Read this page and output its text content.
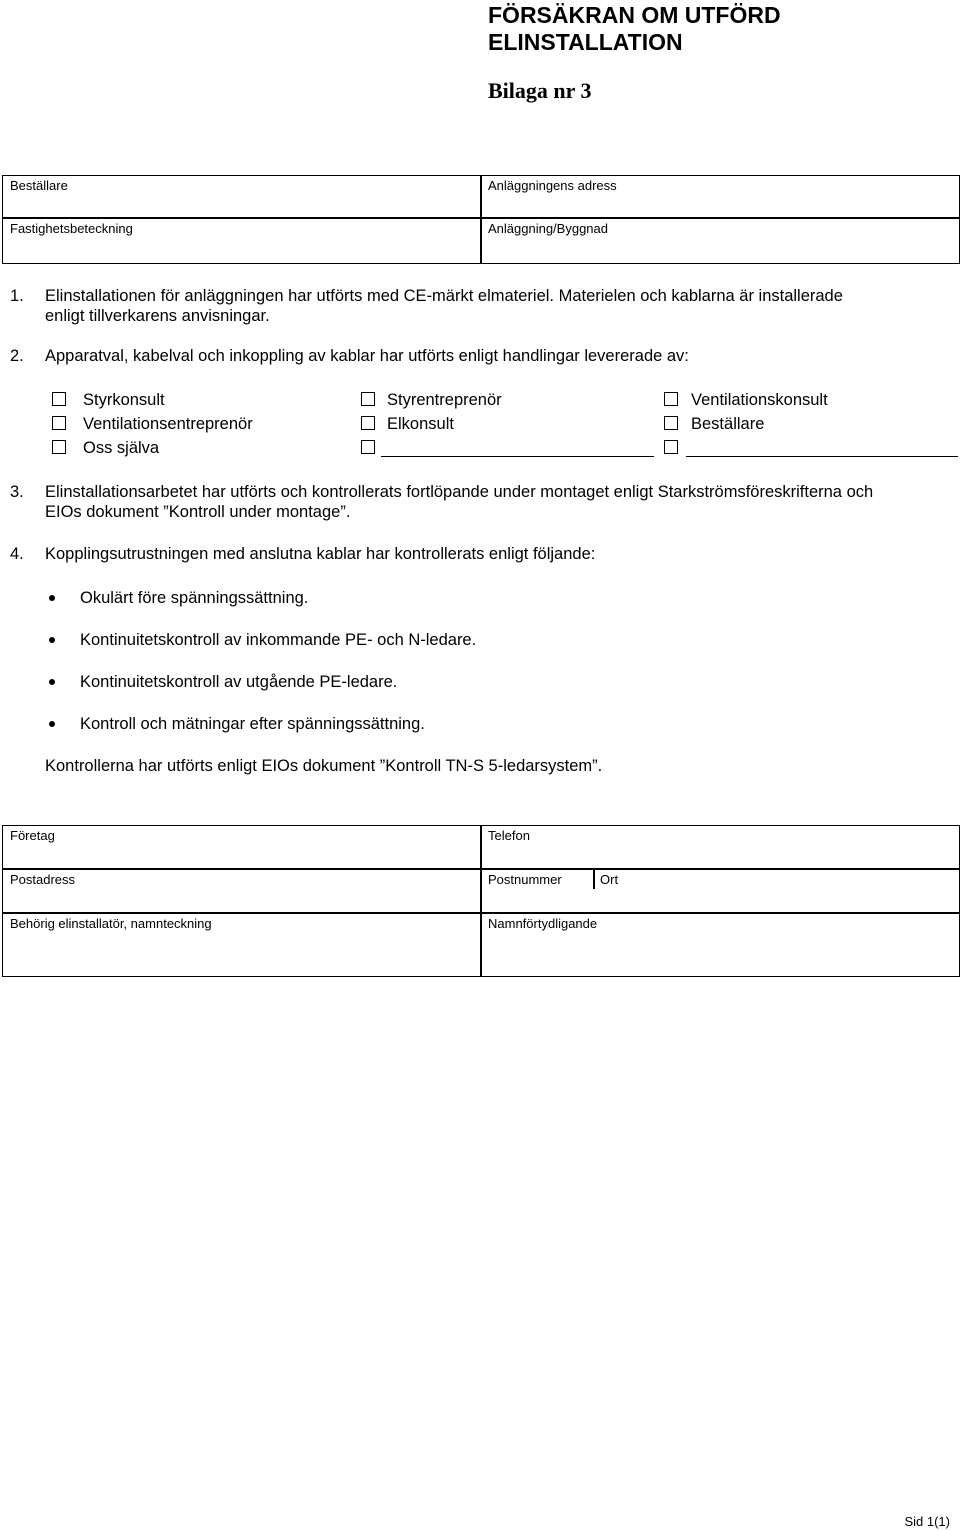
FÖRSÄKRAN OM UTFÖRD
ELINSTALLATION
Bilaga nr 3
Beställare	Anläggningens adress
Fastighetsbeteckning	Anläggning/Byggnad
1. Elinstallationen för anläggningen har utförts med CE-märkt elmateriel. Materielen och kablarna är installerade
enligt tillverkarens anvisningar.
2. Apparatval, kabelval och inkoppling av kablar har utförts enligt handlingar levererade av:
Styrkonsult	Styrentreprenör	Ventilationskonsult
Ventilationsentreprenör	Elkonsult	Beställare
Oss själva
3. Elinstallationsarbetet har utförts och kontrollerats fortlöpande under montaget enligt Starkströmsföreskrifterna och
EIOs dokument ”Kontroll under montage”.
4. Kopplingsutrustningen med anslutna kablar har kontrollerats enligt följande:
Okulärt före spänningssättning.
Kontinuitetskontroll av inkommande PE- och N-ledare.
Kontinuitetskontroll av utgående PE-ledare.
Kontroll och mätningar efter spänningssättning.
Kontrollerna har utförts enligt EIOs dokument ”Kontroll TN-S 5-ledarsystem”.
Företag	Telefon
Postadress	Postnummer	Ort
Behörig elinstallatör, namnteckning	Namnförtydligande
Sid 1(1)
